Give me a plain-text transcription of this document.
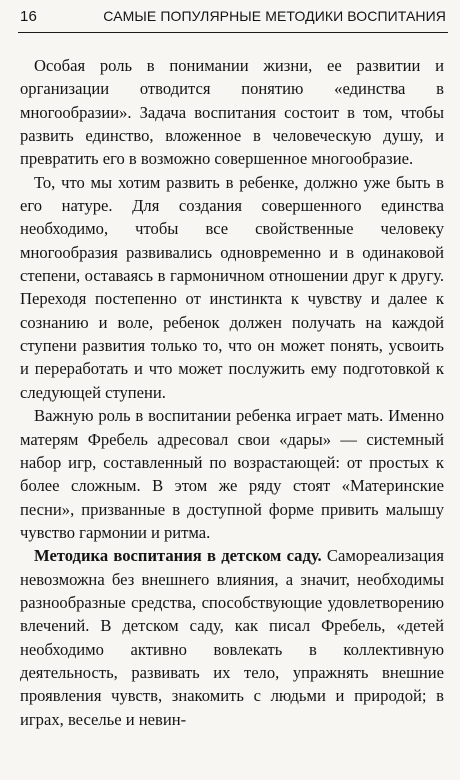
16	САМЫЕ ПОПУЛЯРНЫЕ МЕТОДИКИ ВОСПИТАНИЯ

Особая роль в понимании жизни, ее развитии и организации отводится понятию «единства в многообразии». Задача воспитания состоит в том, чтобы развить единство, вложенное в человеческую душу, и превратить его в возможно совершенное многообразие.

То, что мы хотим развить в ребенке, должно уже быть в его натуре. Для создания совершенного единства необходимо, чтобы все свойственные человеку многообразия развивались одновременно и в одинаковой степени, оставаясь в гармоничном отношении друг к другу. Переходя постепенно от инстинкта к чувству и далее к сознанию и воле, ребенок должен получать на каждой ступени развития только то, что он может понять, усвоить и переработать и что может послужить ему подготовкой к следующей ступени.

Важную роль в воспитании ребенка играет мать. Именно матерям Фребель адресовал свои «дары» — системный набор игр, составленный по возрастающей: от простых к более сложным. В этом же ряду стоят «Материнские песни», призванные в доступной форме привить малышу чувство гармонии и ритма.

Методика воспитания в детском саду. Самореализация невозможна без внешнего влияния, а значит, необходимы разнообразные средства, способствующие удовлетворению влечений. В детском саду, как писал Фребель, «детей необходимо активно вовлекать в коллективную деятельность, развивать их тело, упражнять внешние проявления чувств, знакомить с людьми и природой; в играх, веселье и невин-
